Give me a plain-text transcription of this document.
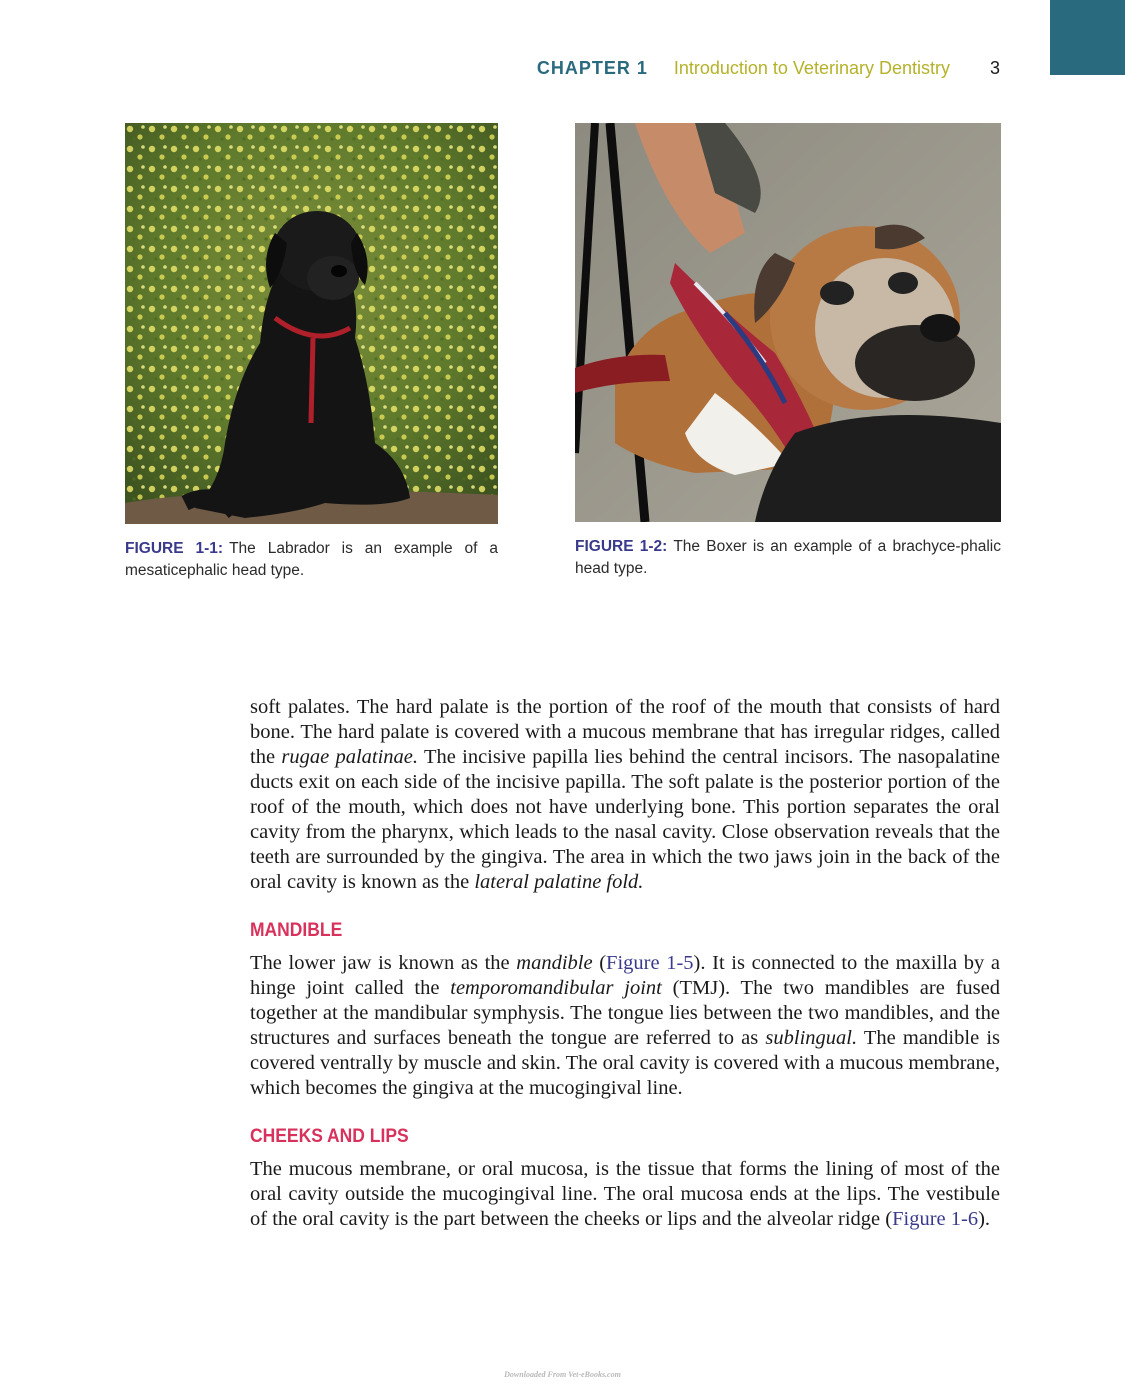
CHAPTER 1 Introduction to Veterinary Dentistry 3
FIGURE 1-1: The Labrador is an example of a mesaticephalic head type.
FIGURE 1-2: The Boxer is an example of a brachyce-phalic head type.

soft palates. The hard palate is the portion of the roof of the mouth that consists of hard bone. The hard palate is covered with a mucous membrane that has irregular ridges, called the rugae palatinae. The incisive papilla lies behind the central incisors. The nasopalatine ducts exit on each side of the incisive papilla. The soft palate is the posterior portion of the roof of the mouth, which does not have underlying bone. This portion separates the oral cavity from the pharynx, which leads to the nasal cavity. Close observation reveals that the teeth are surrounded by the gingiva. The area in which the two jaws join in the back of the oral cavity is known as the lateral palatine fold.

MANDIBLE

The lower jaw is known as the mandible (Figure 1-5). It is connected to the maxilla by a hinge joint called the temporomandibular joint (TMJ). The two mandibles are fused together at the mandibular symphysis. The tongue lies between the two mandibles, and the structures and surfaces beneath the tongue are referred to as sublingual. The mandible is covered ventrally by muscle and skin. The oral cavity is covered with a mucous membrane, which becomes the gingiva at the mucogingival line.

CHEEKS AND LIPS

The mucous membrane, or oral mucosa, is the tissue that forms the lining of most of the oral cavity outside the mucogingival line. The oral mucosa ends at the lips. The vestibule of the oral cavity is the part between the cheeks or lips and the alveolar ridge (Figure 1-6).

Downloaded From Vet-eBooks.com
